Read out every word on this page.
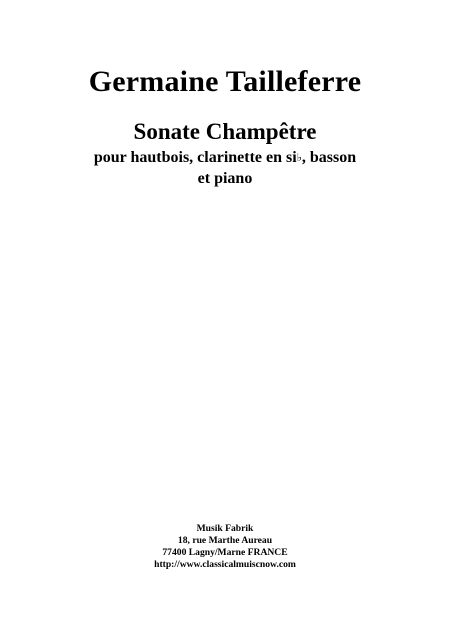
Germaine Tailleferre
Sonate Champêtre
pour hautbois, clarinette en si♭, basson
et piano
Musik Fabrik
18, rue Marthe Aureau
77400 Lagny/Marne FRANCE
http://www.classicalmuiscnow.com
